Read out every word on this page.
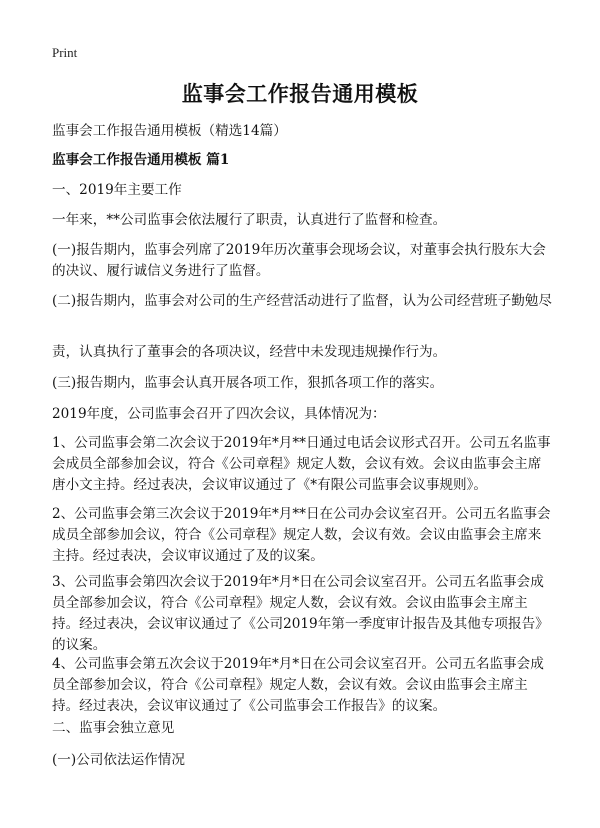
Print
监事会工作报告通用模板
监事会工作报告通用模板（精选14篇）
监事会工作报告通用模板 篇1
一、2019年主要工作
一年来，**公司监事会依法履行了职责，认真进行了监督和检查。
(一)报告期内，监事会列席了2019年历次董事会现场会议，对董事会执行股东大会的决议、履行诚信义务进行了监督。
(二)报告期内，监事会对公司的生产经营活动进行了监督，认为公司经营班子勤勉尽
责，认真执行了董事会的各项决议，经营中未发现违规操作行为。
(三)报告期内，监事会认真开展各项工作，狠抓各项工作的落实。
2019年度，公司监事会召开了四次会议，具体情况为：
1、公司监事会第二次会议于2019年*月**日通过电话会议形式召开。公司五名监事会成员全部参加会议，符合《公司章程》规定人数，会议有效。会议由监事会主席唐小文主持。经过表决，会议审议通过了《*有限公司监事会议事规则》。
2、公司监事会第三次会议于2019年*月**日在公司办会议室召开。公司五名监事会成员全部参加会议，符合《公司章程》规定人数，会议有效。会议由监事会主席来主持。经过表决，会议审议通过了及的议案。
3、公司监事会第四次会议于2019年*月*日在公司会议室召开。公司五名监事会成员全部参加会议，符合《公司章程》规定人数，会议有效。会议由监事会主席主持。经过表决，会议审议通过了《公司2019年第一季度审计报告及其他专项报告》的议案。
4、公司监事会第五次会议于2019年*月*日在公司会议室召开。公司五名监事会成员全部参加会议，符合《公司章程》规定人数，会议有效。会议由监事会主席主持。经过表决，会议审议通过了《公司监事会工作报告》的议案。
二、监事会独立意见
(一)公司依法运作情况
